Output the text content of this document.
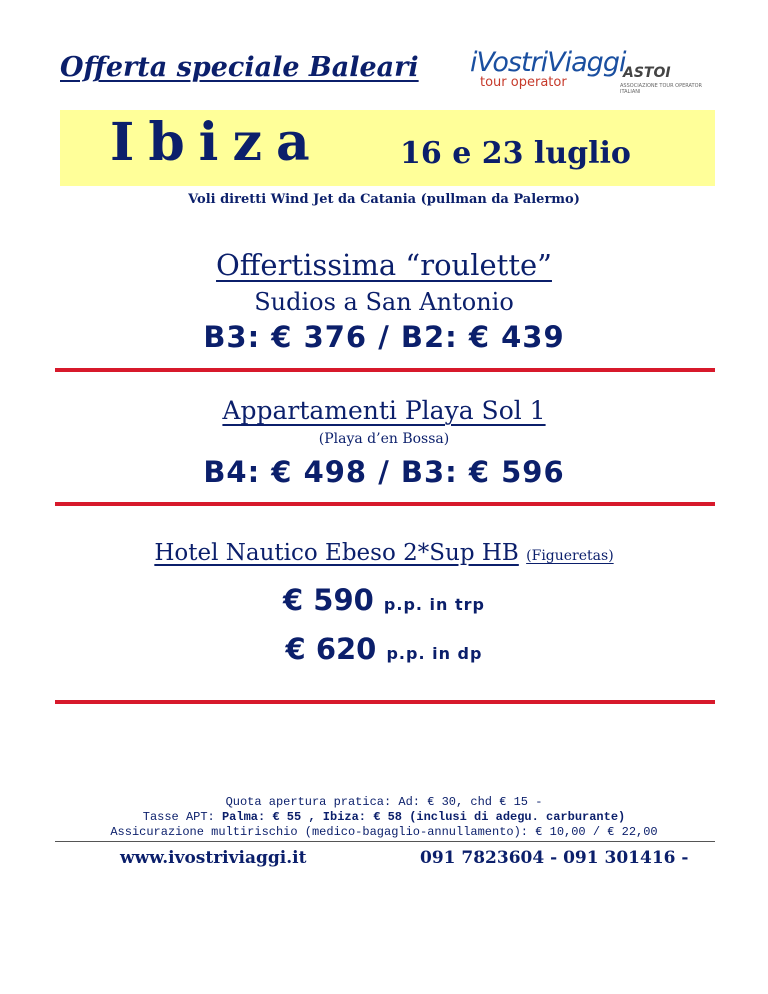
Offerta speciale Baleari iVostriViaggi
tour operator
ASTOI
ASSOCIAZIONE TOUR OPERATOR ITALIANI
Ibiza	16 e 23 luglio
Voli diretti Wind Jet da Catania (pullman da Palermo)
Offertissima “roulette”
Sudios a San Antonio
B3: € 376 / B2: € 439
Appartamenti Playa Sol 1
(Playa d’en Bossa)
B4: € 498 / B3: € 596
Hotel Nautico Ebeso 2*Sup HB (Figueretas)
€ 590 p.p. in trp
€ 620 p.p. in dp
Quota apertura pratica: Ad: € 30, chd € 15 -
Tasse APT: Palma: € 55 , Ibiza: € 58 (inclusi di adegu. carburante)
Assicurazione multirischio (medico-bagaglio-annullamento): € 10,00 / € 22,00
www.ivostriviaggi.it	091 7823604 - 091 301416 -
